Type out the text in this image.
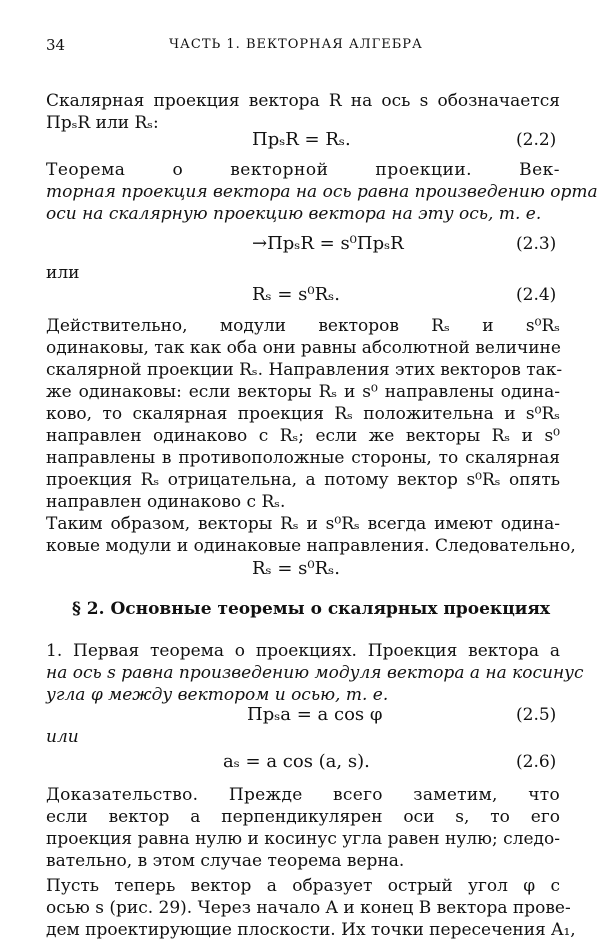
34	ЧАСТЬ 1. ВЕКТОРНАЯ АЛГЕБРА
Скалярная проекция вектора R на ось s обозначается
ПрₛR или Rₛ:
ПрₛR = Rₛ.	(2.2)
Теорема о векторной проекции. Век-
торная проекция вектора на ось равна произведению орта
оси на скалярную проекцию вектора на эту ось, т. е.
→ПрₛR = s⁰ПрₛR	(2.3)
или
Rₛ = s⁰Rₛ.	(2.4)
Действительно, модули векторов Rₛ и s⁰Rₛ
одинаковы, так как оба они равны абсолютной величине
скалярной проекции Rₛ. Направления этих векторов так-
же одинаковы: если векторы Rₛ и s⁰ направлены одина-
ково, то скалярная проекция Rₛ положительна и s⁰Rₛ
направлен одинаково с Rₛ; если же векторы Rₛ и s⁰
направлены в противоположные стороны, то скалярная
проекция Rₛ отрицательна, а потому вектор s⁰Rₛ опять
направлен одинаково с Rₛ.
Таким образом, векторы Rₛ и s⁰Rₛ всегда имеют одина-
ковые модули и одинаковые направления. Следовательно,
Rₛ = s⁰Rₛ.
§ 2. Основные теоремы о скалярных проекциях
1. Первая теорема о проекциях. Проекция вектора a
на ось s равна произведению модуля вектора a на косинус
угла φ между вектором и осью, т. е.
Прₛa = a cos φ	(2.5)
или
aₛ = a cos (a, s).	(2.6)
Доказательство. Прежде всего заметим, что
если вектор a перпендикулярен оси s, то его
проекция равна нулю и косинус угла равен нулю; следо-
вательно, в этом случае теорема верна.
Пусть теперь вектор a образует острый угол φ с
осью s (рис. 29). Через начало A и конец B вектора прове-
дем проектирующие плоскости. Их точки пересечения A₁,
